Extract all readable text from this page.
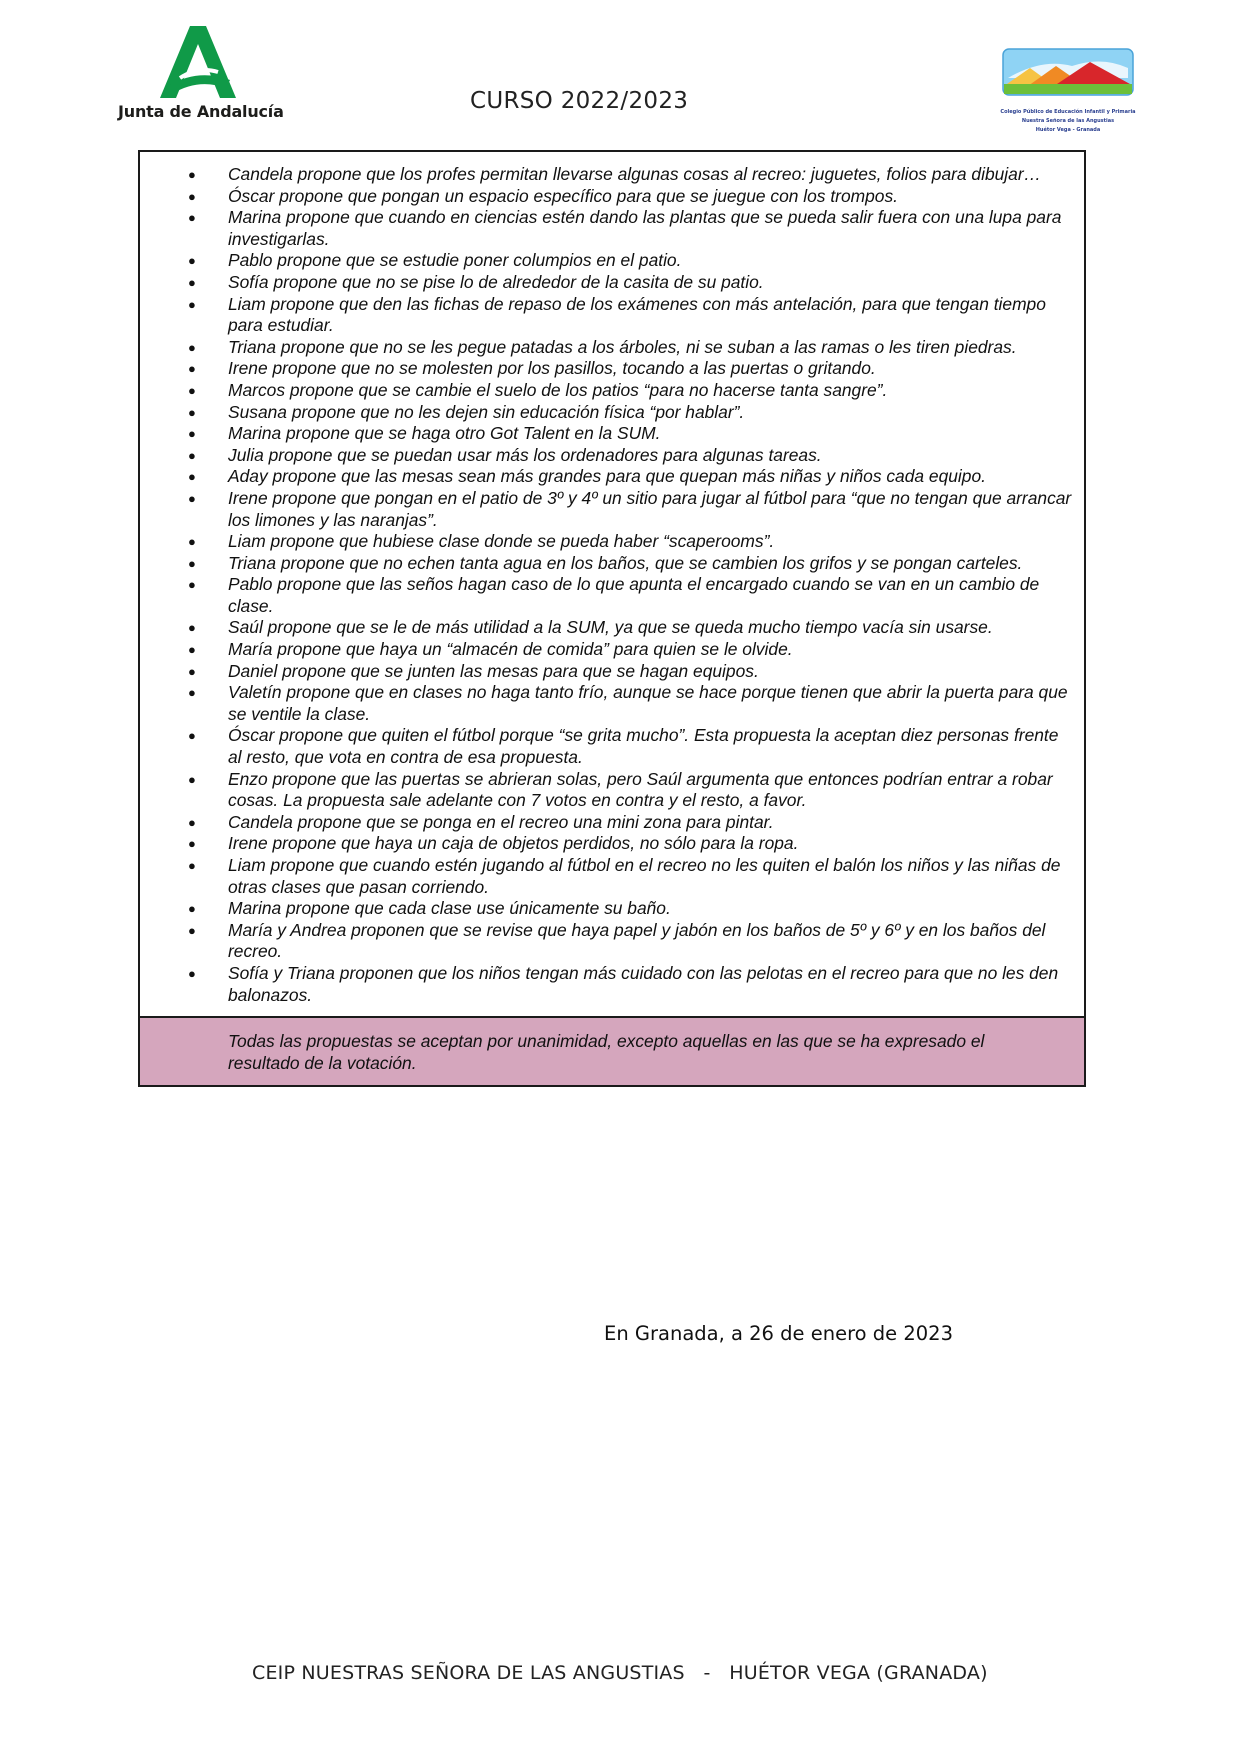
Junta de Andalucía	CURSO 2022/2023	Colegio Público de Educación Infantil y Primaria
Nuestra Señora de las Angustias
Huétor Vega - Granada
● Candela propone que los profes permitan llevarse algunas cosas al recreo: juguetes, folios para dibujar…
● Óscar propone que pongan un espacio específico para que se juegue con los trompos.
● Marina propone que cuando en ciencias estén dando las plantas que se pueda salir fuera con una lupa para investigarlas.
● Pablo propone que se estudie poner columpios en el patio.
● Sofía propone que no se pise lo de alrededor de la casita de su patio.
● Liam propone que den las fichas de repaso de los exámenes con más antelación, para que tengan tiempo para estudiar.
● Triana propone que no se les pegue patadas a los árboles, ni se suban a las ramas o les tiren piedras.
● Irene propone que no se molesten por los pasillos, tocando a las puertas o gritando.
● Marcos propone que se cambie el suelo de los patios “para no hacerse tanta sangre”.
● Susana propone que no les dejen sin educación física “por hablar”.
● Marina propone que se haga otro Got Talent en la SUM.
● Julia propone que se puedan usar más los ordenadores para algunas tareas.
● Aday propone que las mesas sean más grandes para que quepan más niñas y niños cada equipo.
● Irene propone que pongan en el patio de 3º y 4º un sitio para jugar al fútbol para “que no tengan que arrancar los limones y las naranjas”.
● Liam propone que hubiese clase donde se pueda haber “scaperooms”.
● Triana propone que no echen tanta agua en los baños, que se cambien los grifos y se pongan carteles.
● Pablo propone que las seños hagan caso de lo que apunta el encargado cuando se van en un cambio de clase.
● Saúl propone que se le de más utilidad a la SUM, ya que se queda mucho tiempo vacía sin usarse.
● María propone que haya un “almacén de comida” para quien se le olvide.
● Daniel propone que se junten las mesas para que se hagan equipos.
● Valetín propone que en clases no haga tanto frío, aunque se hace porque tienen que abrir la puerta para que se ventile la clase.
● Óscar propone que quiten el fútbol porque “se grita mucho”. Esta propuesta la aceptan diez personas frente al resto, que vota en contra de esa propuesta.
● Enzo propone que las puertas se abrieran solas, pero Saúl argumenta que entonces podrían entrar a robar cosas. La propuesta sale adelante con 7 votos en contra y el resto, a favor.
● Candela propone que se ponga en el recreo una mini zona para pintar.
● Irene propone que haya un caja de objetos perdidos, no sólo para la ropa.
● Liam propone que cuando estén jugando al fútbol en el recreo no les quiten el balón los niños y las niñas de otras clases que pasan corriendo.
● Marina propone que cada clase use únicamente su baño.
● María y Andrea proponen que se revise que haya papel y jabón en los baños de 5º y 6º y en los baños del recreo.
● Sofía y Triana proponen que los niños tengan más cuidado con las pelotas en el recreo para que no les den balonazos.
Todas las propuestas se aceptan por unanimidad, excepto aquellas en las que se ha expresado el resultado de la votación.
En Granada, a 26 de enero de 2023
CEIP NUESTRAS SEÑORA DE LAS ANGUSTIAS   -   HUÉTOR VEGA (GRANADA)
